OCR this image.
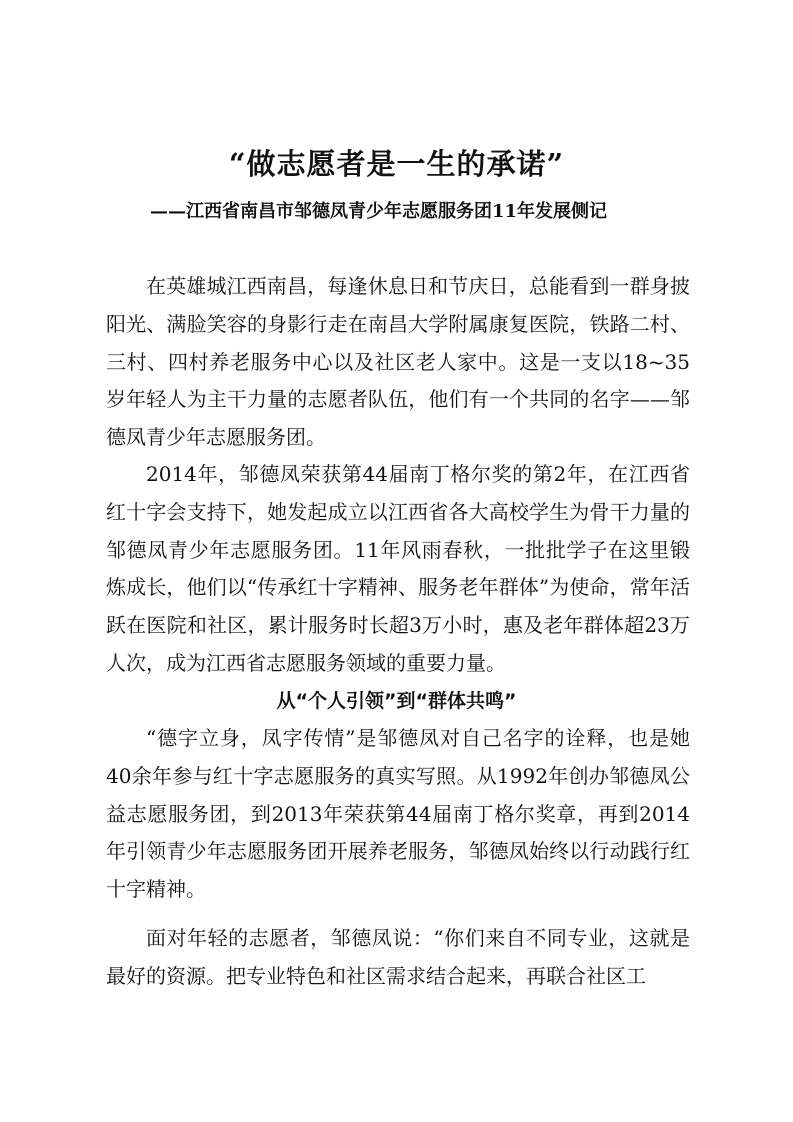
“做志愿者是一生的承诺”
——江西省南昌市邹德凤青少年志愿服务团11年发展侧记

在英雄城江西南昌，每逢休息日和节庆日，总能看到一群身披阳光、满脸笑容的身影行走在南昌大学附属康复医院，铁路二村、三村、四村养老服务中心以及社区老人家中。这是一支以18~35岁年轻人为主干力量的志愿者队伍，他们有一个共同的名字——邹德凤青少年志愿服务团。

2014年，邹德凤荣获第44届南丁格尔奖的第2年，在江西省红十字会支持下，她发起成立以江西省各大高校学生为骨干力量的邹德凤青少年志愿服务团。11年风雨春秋，一批批学子在这里锻炼成长，他们以“传承红十字精神、服务老年群体”为使命，常年活跃在医院和社区，累计服务时长超3万小时，惠及老年群体超23万人次，成为江西省志愿服务领域的重要力量。

从“个人引领”到“群体共鸣”

“德字立身，凤字传情”是邹德凤对自己名字的诠释，也是她40余年参与红十字志愿服务的真实写照。从1992年创办邹德凤公益志愿服务团，到2013年荣获第44届南丁格尔奖章，再到2014年引领青少年志愿服务团开展养老服务，邹德凤始终以行动践行红十字精神。

面对年轻的志愿者，邹德凤说：“你们来自不同专业，这就是最好的资源。把专业特色和社区需求结合起来，再联合社区工
